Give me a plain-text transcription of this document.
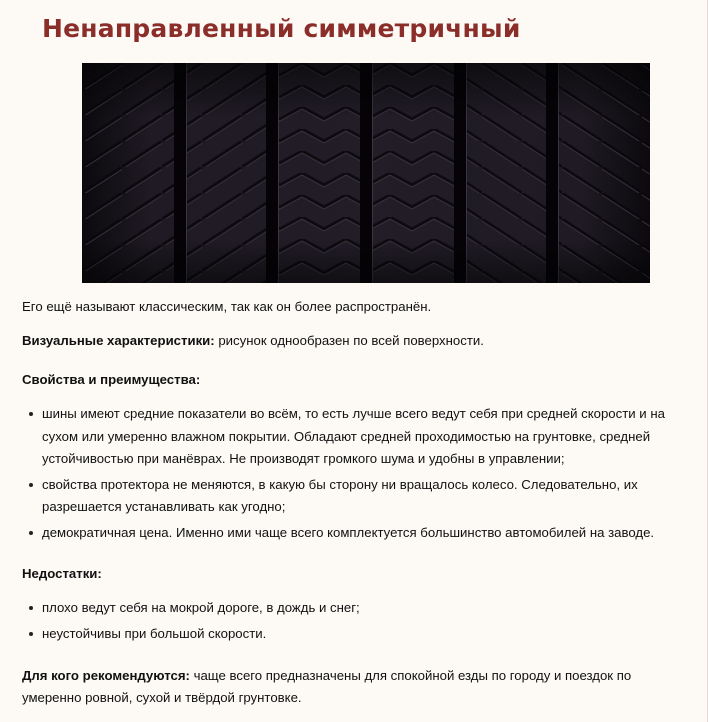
Ненаправленный симметричный

Его ещё называют классическим, так как он более распространён.

Визуальные характеристики: рисунок однообразен по всей поверхности.

Свойства и преимущества:

шины имеют средние показатели во всём, то есть лучше всего ведут себя при средней скорости и на сухом или умеренно влажном покрытии. Обладают средней проходимостью на грунтовке, средней устойчивостью при манёврах. Не производят громкого шума и удобны в управлении;
свойства протектора не меняются, в какую бы сторону ни вращалось колесо. Следовательно, их разрешается устанавливать как угодно;
демократичная цена. Именно ими чаще всего комплектуется большинство автомобилей на заводе.

Недостатки:

плохо ведут себя на мокрой дороге, в дождь и снег;
неустойчивы при большой скорости.

Для кого рекомендуются: чаще всего предназначены для спокойной езды по городу и поездок по умеренно ровной, сухой и твёрдой грунтовке.
